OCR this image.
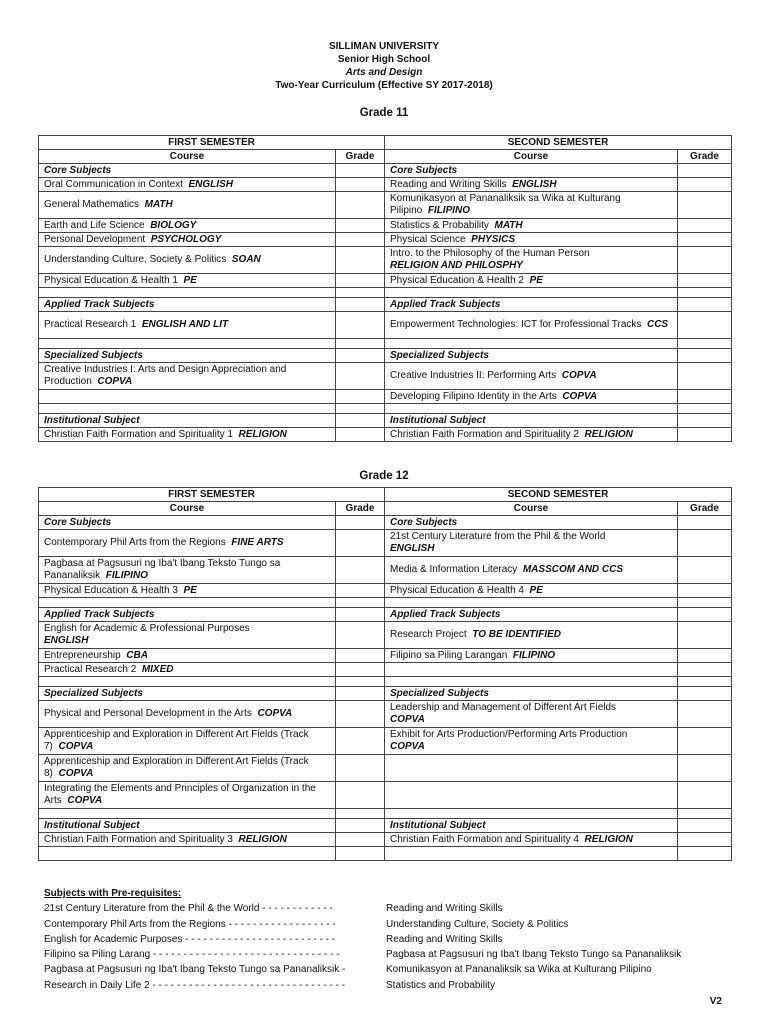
SILLIMAN UNIVERSITY
Senior High School
Arts and Design
Two-Year Curriculum (Effective SY 2017-2018)
Grade 11
FIRST SEMESTER		SECOND SEMESTER	
Course	Grade	Course	Grade
Core Subjects		Core Subjects	
Oral Communication in Context ENGLISH		Reading and Writing Skills ENGLISH	
General Mathematics MATH		Komunikasyon at Pananaliksik sa Wika at Kulturang Pilipino FILIPINO	
Earth and Life Science BIOLOGY		Statistics & Probability MATH	
Personal Development PSYCHOLOGY		Physical Science PHYSICS	
Understanding Culture, Society & Politics SOAN		Intro. to the Philosophy of the Human Person
RELIGION AND PHILOSPHY	
Physical Education & Health 1 PE		Physical Education & Health 2 PE	

Applied Track Subjects		Applied Track Subjects	
Practical Research 1 ENGLISH AND LIT		Empowerment Technologies: ICT for Professional Tracks CCS	

Specialized Subjects		Specialized Subjects	
Creative Industries I: Arts and Design Appreciation and Production COPVA		Creative Industries II: Performing Arts COPVA	
		Developing Filipino Identity in the Arts COPVA	

Institutional Subject		Institutional Subject	
Christian Faith Formation and Spirituality 1 RELIGION		Christian Faith Formation and Spirituality 2 RELIGION	
Grade 12
FIRST SEMESTER		SECOND SEMESTER	
Course	Grade	Course	Grade
Core Subjects		Core Subjects	
Contemporary Phil Arts from the Regions FINE ARTS		21st Century Literature from the Phil & the World
ENGLISH	
Pagbasa at Pagsusuri ng Iba't Ibang Teksto Tungo sa Pananaliksik FILIPINO		Media & Information Literacy MASSCOM AND CCS	
Physical Education & Health 3 PE		Physical Education & Health 4 PE	

Applied Track Subjects		Applied Track Subjects	
English for Academic & Professional Purposes
ENGLISH		Research Project TO BE IDENTIFIED	
Entrepreneurship CBA		Filipino sa Piling Larangan FILIPINO	
Practical Research 2 MIXED			

Specialized Subjects		Specialized Subjects	
Physical and Personal Development in the Arts COPVA		Leadership and Management of Different Art Fields
COPVA	
Apprenticeship and Exploration in Different Art Fields (Track 7) COPVA		Exhibit for Arts Production/Performing Arts Production
COPVA	
Apprenticeship and Exploration in Different Art Fields (Track 8) COPVA			
Integrating the Elements and Principles of Organization in the Arts COPVA			

Institutional Subject		Institutional Subject	
Christian Faith Formation and Spirituality 3 RELIGION		Christian Faith Formation and Spirituality 4 RELIGION	

Subjects with Pre-requisites:
21st Century Literature from the Phil & the World - - - - - - - - - - - -	Reading and Writing Skills
Contemporary Phil Arts from the Regions - - - - - - - - - - - - - - - - - -	Understanding Culture, Society & Politics
English for Academic Purposes - - - - - - - - - - - - - - - - - - - - - - - - -	Reading and Writing Skills
Filipino sa Piling Larang - - - - - - - - - - - - - - - - - - - - - - - - - - - - - - -	Pagbasa at Pagsusuri ng Iba't Ibang Teksto Tungo sa Pananaliksik
Pagbasa at Pagsusuri ng Iba't Ibang Teksto Tungo sa Pananaliksik -	Komunikasyon at Pananaliksik sa Wika at Kulturang Pilipino
Research in Daily Life 2 - - - - - - - - - - - - - - - - - - - - - - - - - - - - - - - -	Statistics and Probability
V2
